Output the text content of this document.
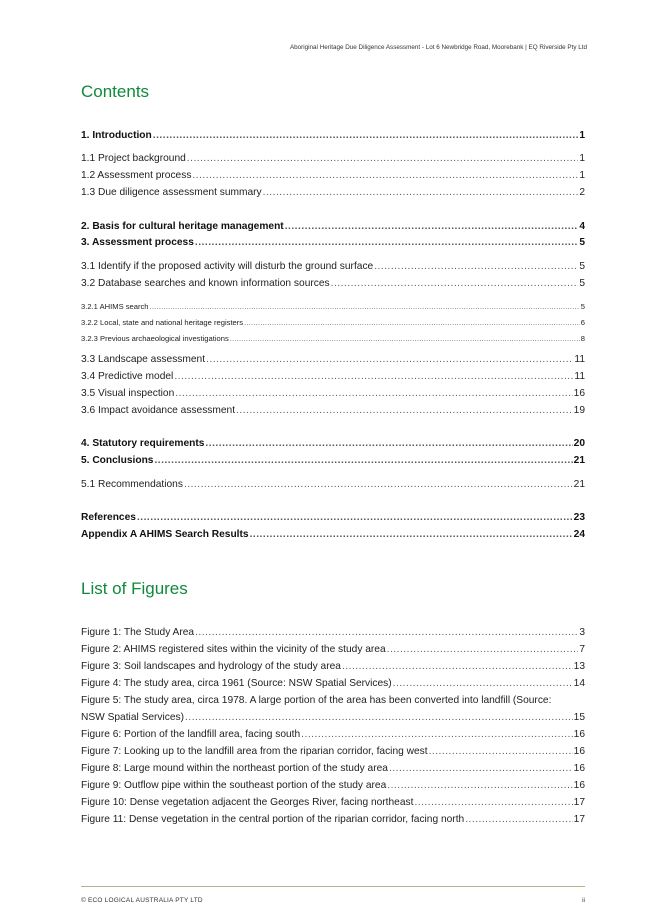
Aboriginal Heritage Due Diligence Assessment - Lot 6 Newbridge Road, Moorebank | EQ Riverside Pty Ltd
Contents
1. Introduction .....	1
1.1 Project background .....	1
1.2 Assessment process .....	1
1.3 Due diligence assessment summary .....	2
2. Basis for cultural heritage management .....	4
3. Assessment process .....	5
3.1 Identify if the proposed activity will disturb the ground surface .....	5
3.2 Database searches and known information sources .....	5
3.2.1 AHIMS search .....	5
3.2.2 Local, state and national heritage registers .....	6
3.2.3 Previous archaeological investigations .....	8
3.3 Landscape assessment .....	11
3.4 Predictive model .....	11
3.5 Visual inspection .....	16
3.6 Impact avoidance assessment .....	19
4. Statutory requirements .....	20
5. Conclusions .....	21
5.1 Recommendations .....	21
References .....	23
Appendix A AHIMS Search Results .....	24
List of Figures
Figure 1: The Study Area .....	3
Figure 2: AHIMS registered sites within the vicinity of the study area .....	7
Figure 3: Soil landscapes and hydrology of the study area .....	13
Figure 4: The study area, circa 1961 (Source: NSW Spatial Services) .....	14
Figure 5: The study area, circa 1978. A large portion of the area has been converted into landfill (Source:
NSW Spatial Services) .....	15
Figure 6: Portion of the landfill area, facing south .....	16
Figure 7: Looking up to the landfill area from the riparian corridor, facing west .....	16
Figure 8: Large mound within the northeast portion of the study area .....	16
Figure 9: Outflow pipe within the southeast portion of the study area .....	16
Figure 10: Dense vegetation adjacent the Georges River, facing northeast .....	17
Figure 11: Dense vegetation in the central portion of the riparian corridor, facing north .....	17
© ECO LOGICAL AUSTRALIA PTY LTD	ii
